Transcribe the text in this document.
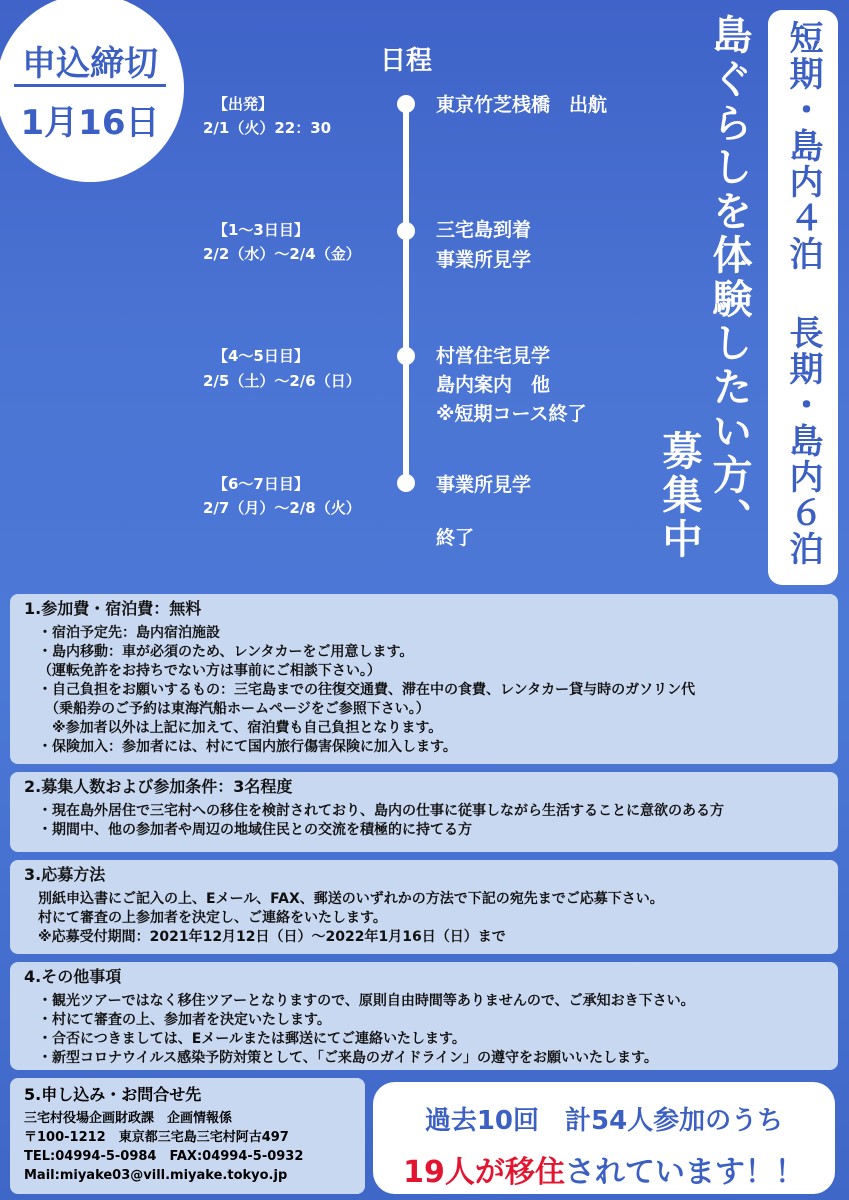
申込締切
1月16日
日程
【出発】
2/1（火）22：30
東京竹芝桟橋　出航
【1〜3日目】
2/2（水）〜2/4（金）
三宅島到着
事業所見学
【4〜5日目】
2/5（土）〜2/6（日）
村営住宅見学
島内案内　他
※短期コース終了
【6〜7日目】
2/7（月）〜2/8（火）
事業所見学
終了	島ぐらしを体験したい方、
募集中
短期・島内４泊
長期・島内６泊
1.参加費・宿泊費：無料

・宿泊予定先：島内宿泊施設

・島内移動：車が必須のため、レンタカーをご用意します。

（運転免許をお持ちでない方は事前にご相談下さい。）

・自己負担をお願いするもの：三宅島までの往復交通費、滞在中の食費、レンタカー貸与時のガソリン代

　（乗船券のご予約は東海汽船ホームページをご参照下さい。）

　※参加者以外は上記に加えて、宿泊費も自己負担となります。

・保険加入：参加者には、村にて国内旅行傷害保険に加入します。

2.募集人数および参加条件：3名程度

・現在島外居住で三宅村への移住を検討されており、島内の仕事に従事しながら生活することに意欲のある方

・期間中、他の参加者や周辺の地域住民との交流を積極的に持てる方

3.応募方法

別紙申込書にご記入の上、Eメール、FAX、郵送のいずれかの方法で下記の宛先までご応募下さい。

村にて審査の上参加者を決定し、ご連絡をいたします。

※応募受付期間：2021年12月12日（日）〜2022年1月16日（日）まで

4.その他事項

・観光ツアーではなく移住ツアーとなりますので、原則自由時間等ありませんので、ご承知おき下さい。

・村にて審査の上、参加者を決定いたします。

・合否につきましては、Eメールまたは郵送にてご連絡いたします。

・新型コロナウイルス感染予防対策として、「ご来島のガイドライン」の遵守をお願いいたします。

5.申し込み・お問合せ先

三宅村役場企画財政課　企画情報係

〒100-1212　東京都三宅島三宅村阿古497

TEL:04994-5-0984　FAX:04994-5-0932

Mail:miyake03@vill.miyake.tokyo.jp

過去10回　計54人参加のうち
19人が移住されています！！
